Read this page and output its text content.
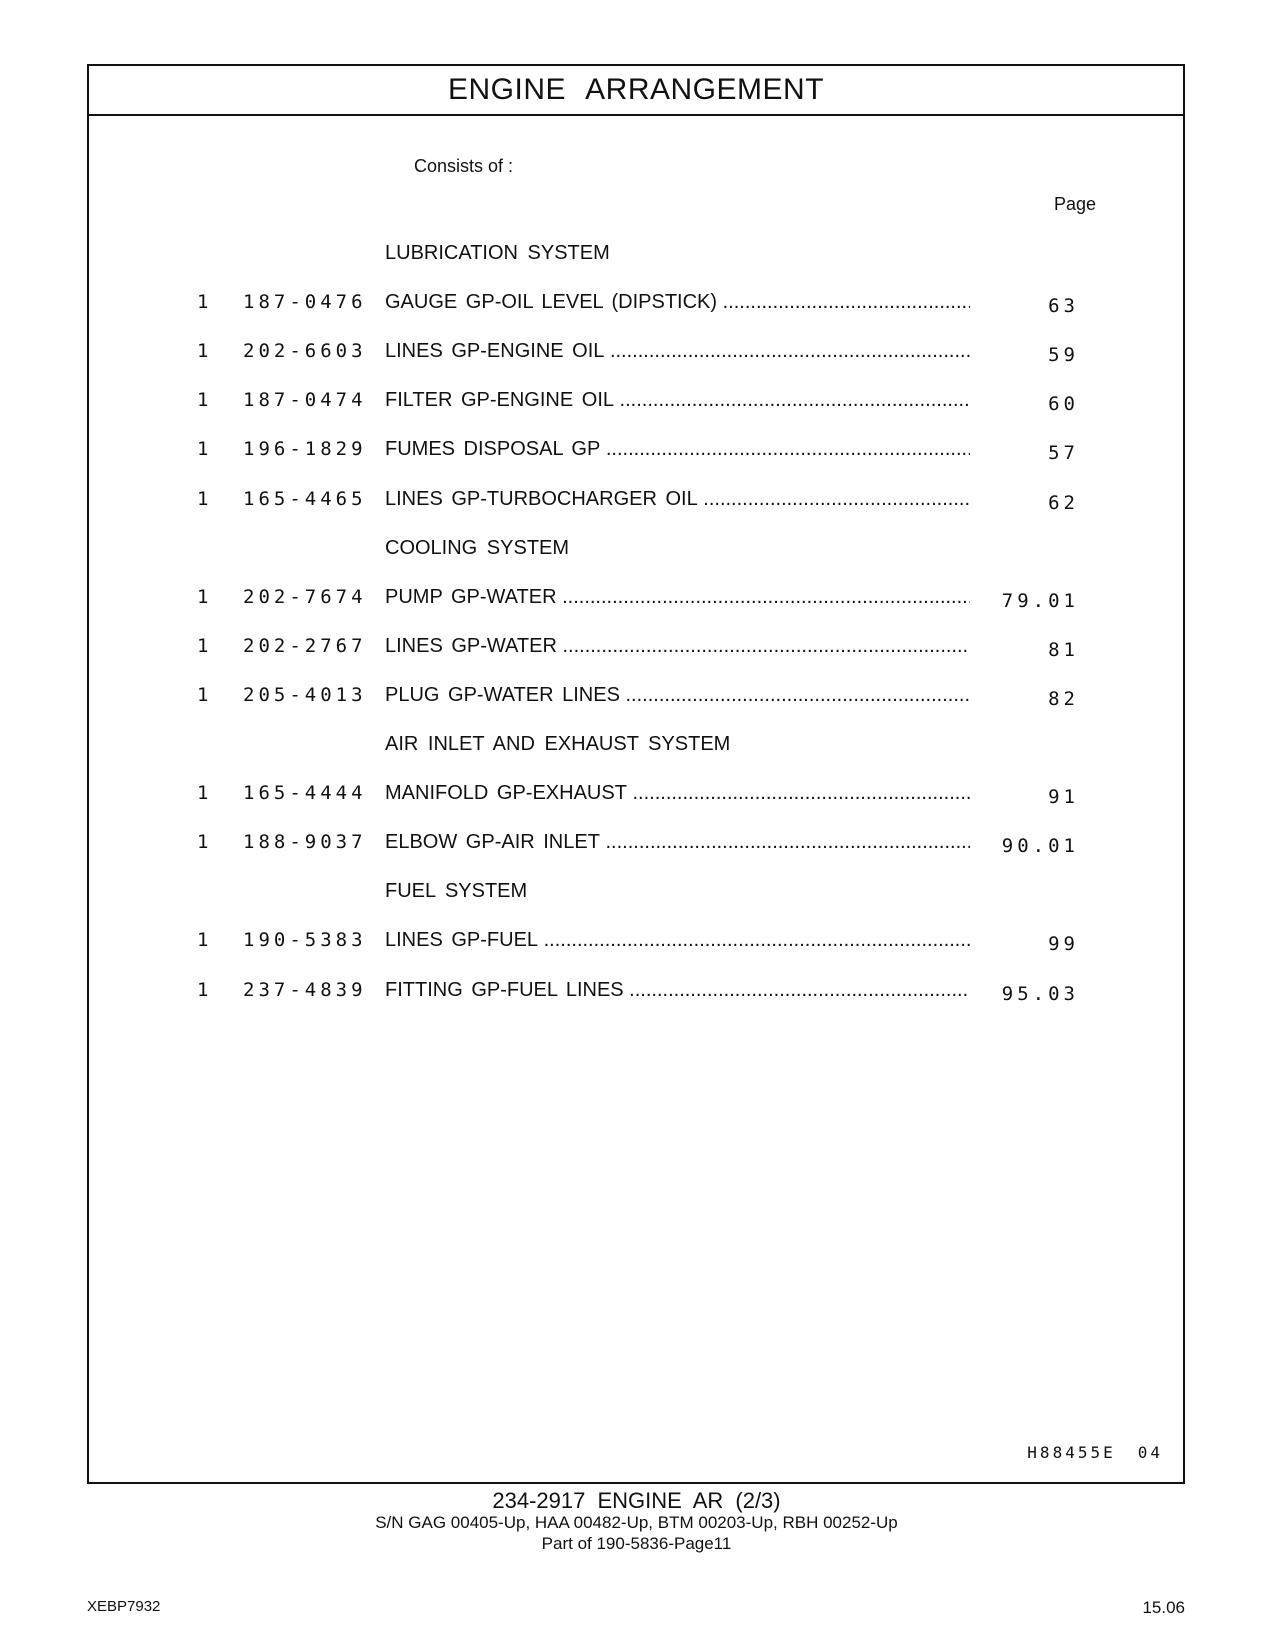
ENGINE ARRANGEMENT
Consists of :
Page
LUBRICATION SYSTEM
1 187-0476 GAUGE GP-OIL LEVEL (DIPSTICK) .....	63
1 202-6603 LINES GP-ENGINE OIL .....	59
1 187-0474 FILTER GP-ENGINE OIL .....	60
1 196-1829 FUMES DISPOSAL GP .....	57
1 165-4465 LINES GP-TURBOCHARGER OIL .....	62
COOLING SYSTEM
1 202-7674 PUMP GP-WATER .....	79.01
1 202-2767 LINES GP-WATER .....	81
1 205-4013 PLUG GP-WATER LINES .....	82
AIR INLET AND EXHAUST SYSTEM
1 165-4444 MANIFOLD GP-EXHAUST .....	91
1 188-9037 ELBOW GP-AIR INLET .....	90.01
FUEL SYSTEM
1 190-5383 LINES GP-FUEL .....	99
1 237-4839 FITTING GP-FUEL LINES .....	95.03
H88455E 04
234-2917 ENGINE AR (2/3)
S/N GAG 00405-Up, HAA 00482-Up, BTM 00203-Up, RBH 00252-Up
Part of 190-5836-Page11
XEBP7932	15.06
